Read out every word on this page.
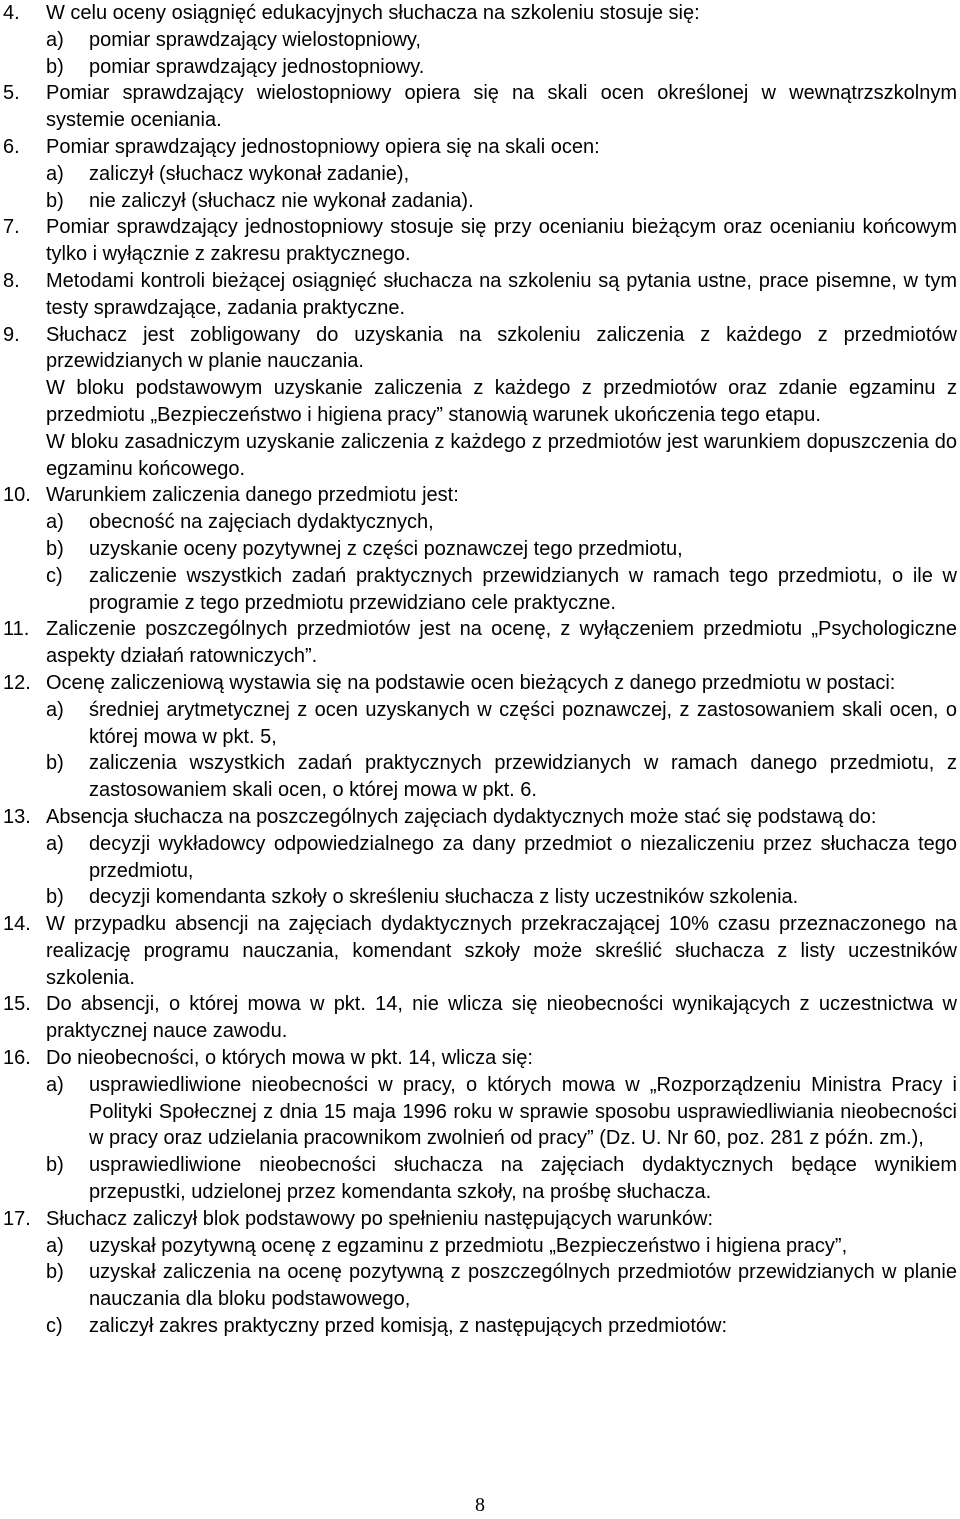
4. W celu oceny osiągnięć edukacyjnych słuchacza na szkoleniu stosuje się:
a) pomiar sprawdzający wielostopniowy,
b) pomiar sprawdzający jednostopniowy.
5. Pomiar sprawdzający wielostopniowy opiera się na skali ocen określonej w wewnątrzszkolnym systemie oceniania.
6. Pomiar sprawdzający jednostopniowy opiera się na skali ocen:
a) zaliczył (słuchacz wykonał zadanie),
b) nie zaliczył (słuchacz nie wykonał zadania).
7. Pomiar sprawdzający jednostopniowy stosuje się przy ocenianiu bieżącym oraz ocenianiu końcowym tylko i wyłącznie z zakresu praktycznego.
8. Metodami kontroli bieżącej osiągnięć słuchacza na szkoleniu są pytania ustne, prace pisemne, w tym testy sprawdzające, zadania praktyczne.
9. Słuchacz jest zobligowany do uzyskania na szkoleniu zaliczenia z każdego z przedmiotów przewidzianych w planie nauczania.
W bloku podstawowym uzyskanie zaliczenia z każdego z przedmiotów oraz zdanie egzaminu z przedmiotu „Bezpieczeństwo i higiena pracy” stanowią warunek ukończenia tego etapu.
W bloku zasadniczym uzyskanie zaliczenia z każdego z przedmiotów jest warunkiem dopuszczenia do egzaminu końcowego.
10. Warunkiem zaliczenia danego przedmiotu jest:
a) obecność na zajęciach dydaktycznych,
b) uzyskanie oceny pozytywnej z części poznawczej tego przedmiotu,
c) zaliczenie wszystkich zadań praktycznych przewidzianych w ramach tego przedmiotu, o ile w programie z tego przedmiotu przewidziano cele praktyczne.
11. Zaliczenie poszczególnych przedmiotów jest na ocenę, z wyłączeniem przedmiotu „Psychologiczne aspekty działań ratowniczych”.
12. Ocenę zaliczeniową wystawia się na podstawie ocen bieżących z danego przedmiotu w postaci:
a) średniej arytmetycznej z ocen uzyskanych w części poznawczej, z zastosowaniem skali ocen, o której mowa w pkt. 5,
b) zaliczenia wszystkich zadań praktycznych przewidzianych w ramach danego przedmiotu, z zastosowaniem skali ocen, o której mowa w pkt. 6.
13. Absencja słuchacza na poszczególnych zajęciach dydaktycznych może stać się podstawą do:
a) decyzji wykładowcy odpowiedzialnego za dany przedmiot o niezaliczeniu przez słuchacza tego przedmiotu,
b) decyzji komendanta szkoły o skreśleniu słuchacza z listy uczestników szkolenia.
14. W przypadku absencji na zajęciach dydaktycznych przekraczającej 10% czasu przeznaczonego na realizację programu nauczania, komendant szkoły może skreślić słuchacza z listy uczestników szkolenia.
15. Do absencji, o której mowa w pkt. 14, nie wlicza się nieobecności wynikających z uczestnictwa w praktycznej nauce zawodu.
16. Do nieobecności, o których mowa w pkt. 14, wlicza się:
a) usprawiedliwione nieobecności w pracy, o których mowa w „Rozporządzeniu Ministra Pracy i Polityki Społecznej z dnia 15 maja 1996 roku w sprawie sposobu usprawiedliwiania nieobecności w pracy oraz udzielania pracownikom zwolnień od pracy” (Dz. U. Nr 60, poz. 281 z późn. zm.),
b) usprawiedliwione nieobecności słuchacza na zajęciach dydaktycznych będące wynikiem przepustki, udzielonej przez komendanta szkoły, na prośbę słuchacza.
17. Słuchacz zaliczył blok podstawowy po spełnieniu następujących warunków:
a) uzyskał pozytywną ocenę z egzaminu z przedmiotu „Bezpieczeństwo i higiena pracy”,
b) uzyskał zaliczenia na ocenę pozytywną z poszczególnych przedmiotów przewidzianych w planie nauczania dla bloku podstawowego,
c) zaliczył zakres praktyczny przed komisją, z następujących przedmiotów:
8
